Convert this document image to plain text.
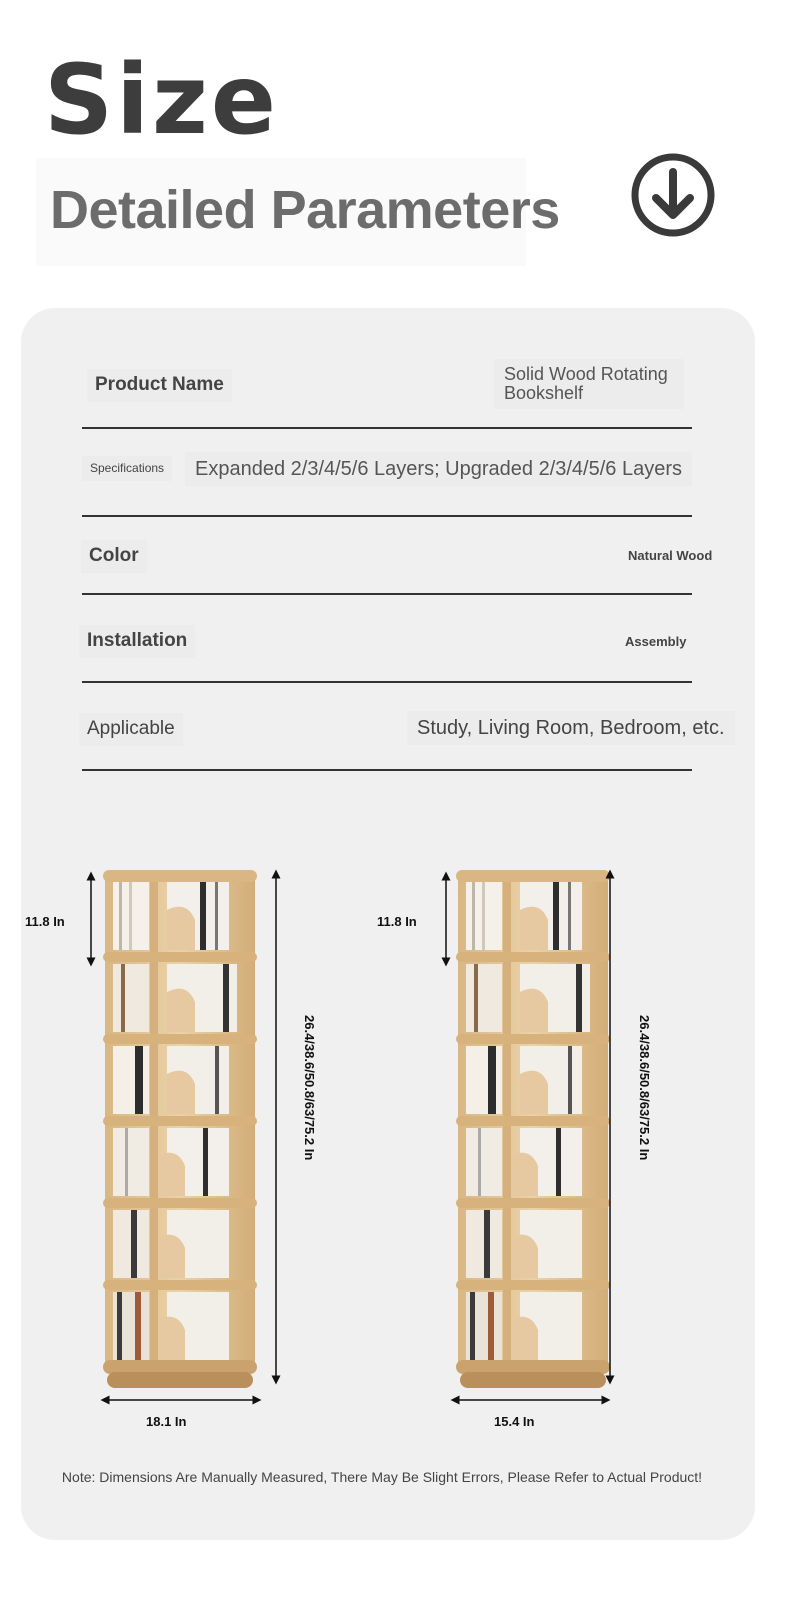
Size
Detailed Parameters
Product Name	Solid Wood Rotating Bookshelf
Specifications	Expanded 2/3/4/5/6 Layers; Upgraded 2/3/4/5/6 Layers
Color	Natural Wood
Installation	Assembly
Applicable	Study, Living Room, Bedroom, etc.
11.8 In
26.4/38.6/50.8/63/75.2 In
18.1 In
11.8 In
26.4/38.6/50.8/63/75.2 In
15.4 In
Note: Dimensions Are Manually Measured, There May Be Slight Errors, Please Refer to Actual Product!
